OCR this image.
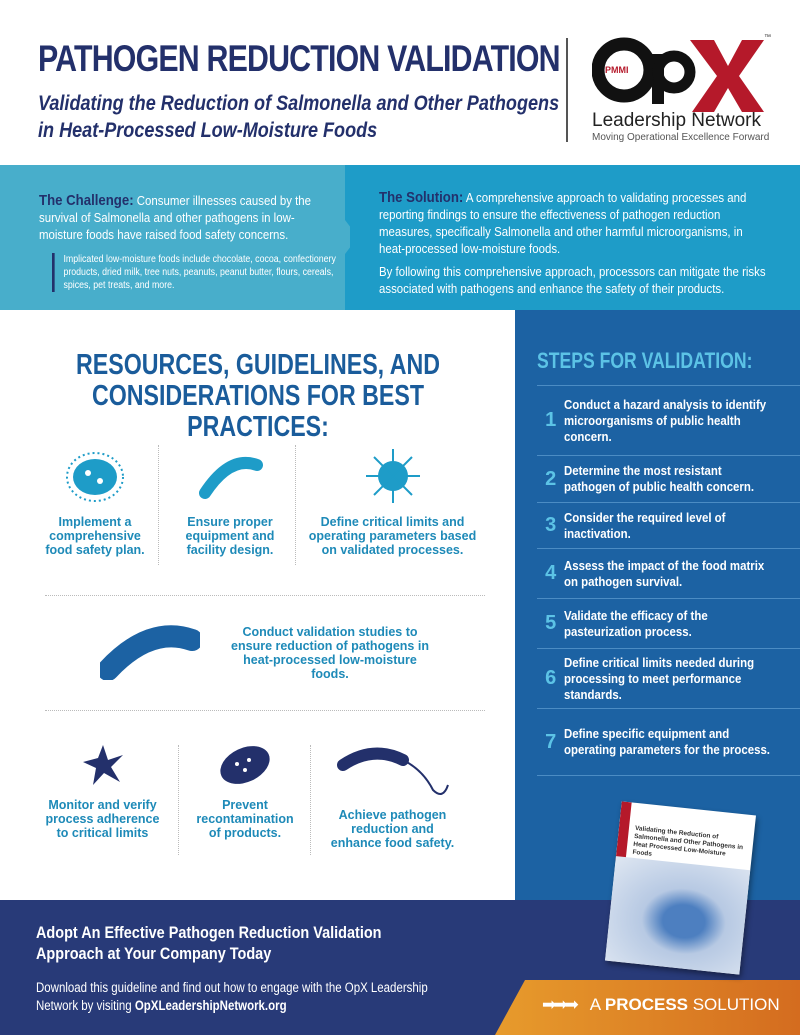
PATHOGEN REDUCTION VALIDATION
Validating the Reduction of Salmonella and Other Pathogens in Heat-Processed Low-Moisture Foods
PMMI
™
Leadership Network
Moving Operational Excellence Forward
The Challenge: Consumer illnesses caused by the survival of Salmonella and other pathogens in low-moisture foods have raised food safety concerns.
Implicated low-moisture foods include chocolate, cocoa, confectionery products, dried milk, tree nuts, peanuts, peanut butter, flours, cereals, spices, pet treats, and more.
The Solution: A comprehensive approach to validating processes and reporting findings to ensure the effectiveness of pathogen reduction measures, specifically Salmonella and other harmful microorganisms, in heat-processed low-moisture foods.
By following this comprehensive approach, processors can mitigate the risks associated with pathogens and enhance the safety of their products.
RESOURCES, GUIDELINES, AND CONSIDERATIONS FOR BEST PRACTICES:
Implement a comprehensive food safety plan.
Ensure proper equipment and facility design.
Define critical limits and operating parameters based on validated processes.
Conduct validation studies to ensure reduction of pathogens in heat-processed low-moisture foods.
Monitor and verify process adherence to critical limits
Prevent recontamination of products.
Achieve pathogen reduction and enhance food safety.
STEPS FOR VALIDATION:
1
Conduct a hazard analysis to identify microorganisms of public health concern.
2 Determine the most resistant pathogen of public health concern.
3 Consider the required level of inactivation.
4 Assess the impact of the food matrix on pathogen survival.
5 Validate the efficacy of the pasteurization process.
6
Define critical limits needed during processing to meet performance standards.
7 Define specific equipment and operating parameters for the process.
Adopt An Effective Pathogen Reduction Validation Approach at Your Company Today
Download this guideline and find out how to engage with the OpX Leadership Network by visiting OpXLeadershipNetwork.org	➡➡➡ A PROCESS SOLUTION
Validating the Reduction of Salmonella and Other Pathogens in Heat Processed Low-Moisture Foods
